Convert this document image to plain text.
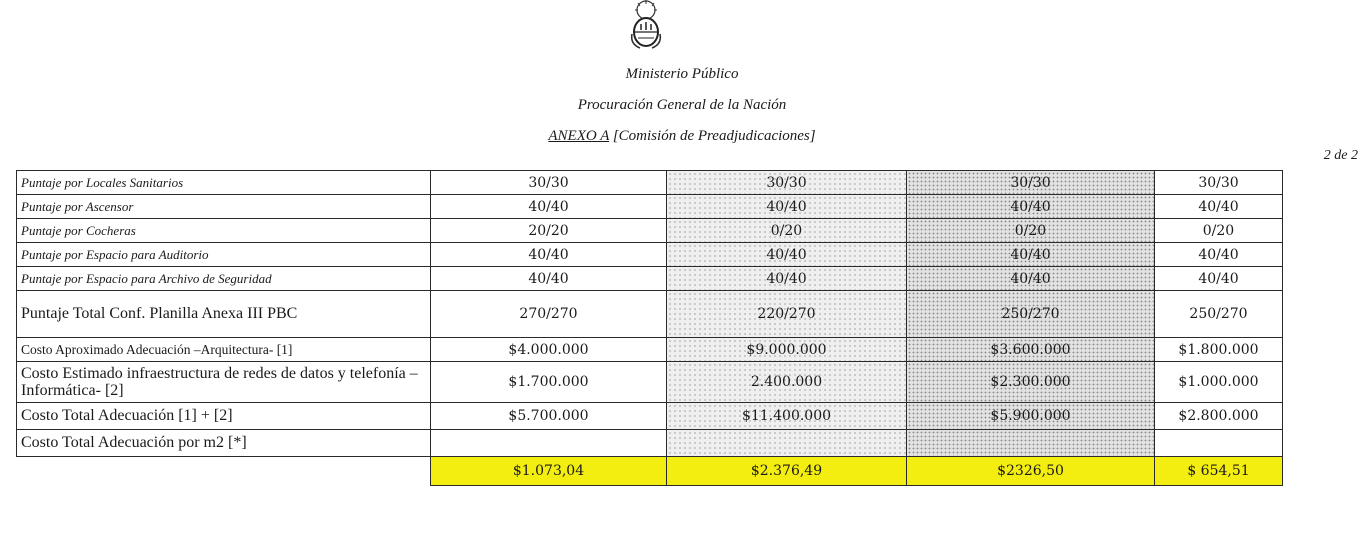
Ministerio Público
Procuración General de la Nación
ANEXO A [Comisión de Preadjudicaciones]
2 de 2
Puntaje por Locales Sanitarios	30/30	30/30	30/30	30/30
Puntaje por Ascensor	40/40	40/40	40/40	40/40
Puntaje por Cocheras	20/20	0/20	0/20	0/20
Puntaje por Espacio para Auditorio	40/40	40/40	40/40	40/40
Puntaje por Espacio para Archivo de Seguridad	40/40	40/40	40/40	40/40
Puntaje Total Conf. Planilla Anexa III PBC	270/270	220/270	250/270	250/270
Costo Aproximado Adecuación –Arquitectura- [1]	$4.000.000	$9.000.000	$3.600.000	$1.800.000
Costo Estimado infraestructura de redes de datos y telefonía –Informática- [2]	$1.700.000	2.400.000	$2.300.000	$1.000.000
Costo Total Adecuación [1] + [2]	$5.700.000	$11.400.000	$5.900.000	$2.800.000
Costo Total Adecuación por m2 [*]				
	$1.073,04	$2.376,49	$2326,50	$ 654,51
